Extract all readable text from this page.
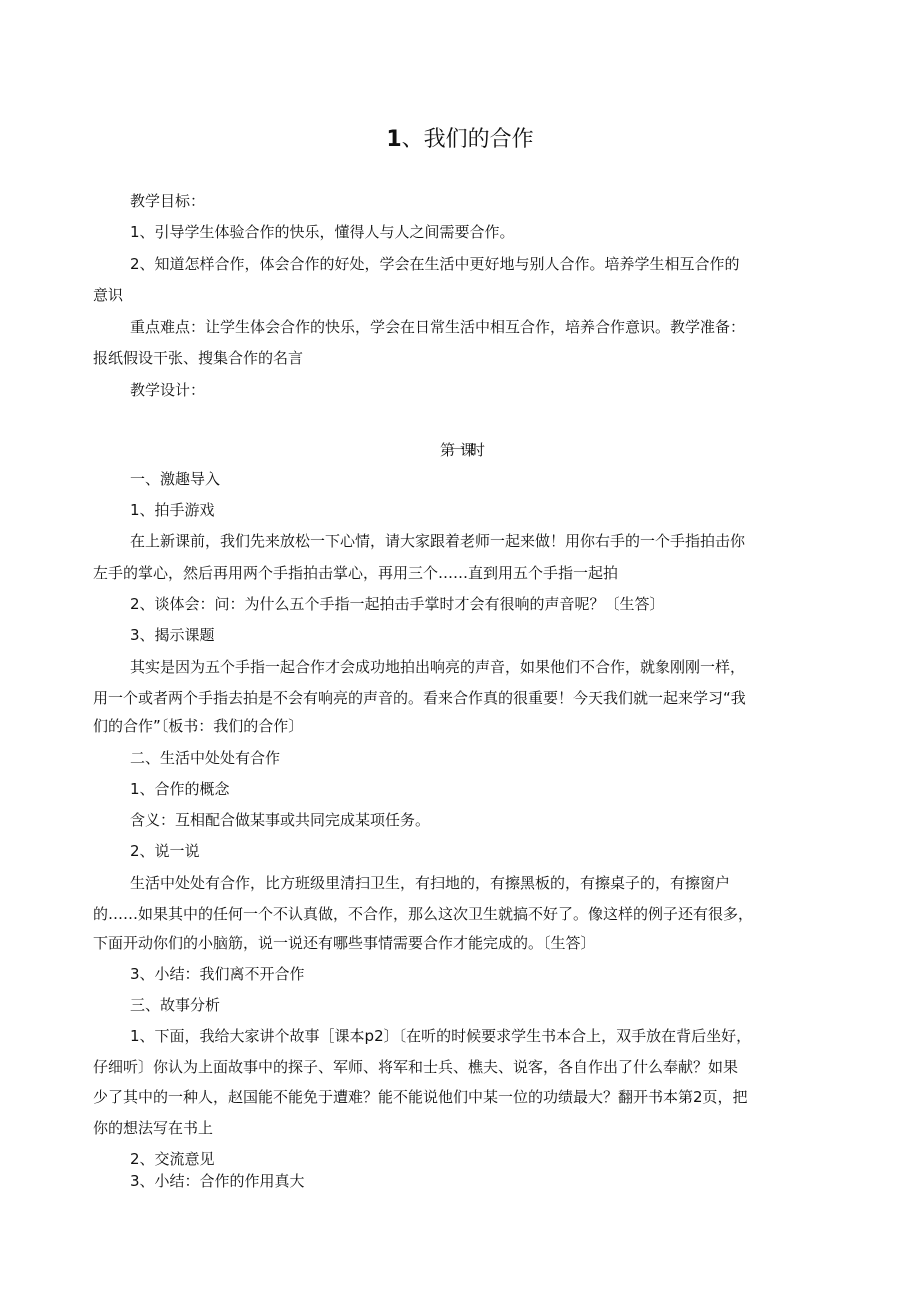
1、我们的合作
教学目标：
1、引导学生体验合作的快乐，懂得人与人之间需要合作。
2、知道怎样合作，体会合作的好处，学会在生活中更好地与别人合作。培养学生相互合作的
意识
重点难点：让学生体会合作的快乐，学会在日常生活中相互合作，培养合作意识。教学准备：
报纸假设干张、搜集合作的名言
教学设计：
第一课时
一、激趣导入
1、拍手游戏
在上新课前，我们先来放松一下心情，请大家跟着老师一起来做！用你右手的一个手指拍击你
左手的掌心，然后再用两个手指拍击掌心，再用三个……直到用五个手指一起拍
2、谈体会：问：为什么五个手指一起拍击手掌时才会有很响的声音呢？〔生答〕
3、揭示课题
其实是因为五个手指一起合作才会成功地拍出响亮的声音，如果他们不合作，就象刚刚一样，
用一个或者两个手指去拍是不会有响亮的声音的。看来合作真的很重要！今天我们就一起来学习“我
们的合作”〔板书：我们的合作〕
二、生活中处处有合作
1、合作的概念
含义：互相配合做某事或共同完成某项任务。
2、说一说
生活中处处有合作，比方班级里清扫卫生，有扫地的，有擦黑板的，有擦桌子的，有擦窗户
的……如果其中的任何一个不认真做，不合作，那么这次卫生就搞不好了。像这样的例子还有很多，
下面开动你们的小脑筋，说一说还有哪些事情需要合作才能完成的。〔生答〕
3、小结：我们离不开合作
三、故事分析
1、下面，我给大家讲个故事［课本p2〕〔在听的时候要求学生书本合上，双手放在背后坐好，
仔细听〕你认为上面故事中的探子、军师、将军和士兵、樵夫、说客，各自作出了什么奉献？如果
少了其中的一种人，赵国能不能免于遭难？能不能说他们中某一位的功绩最大？翻开书本第2页，把
你的想法写在书上
2、交流意见
3、小结：合作的作用真大
